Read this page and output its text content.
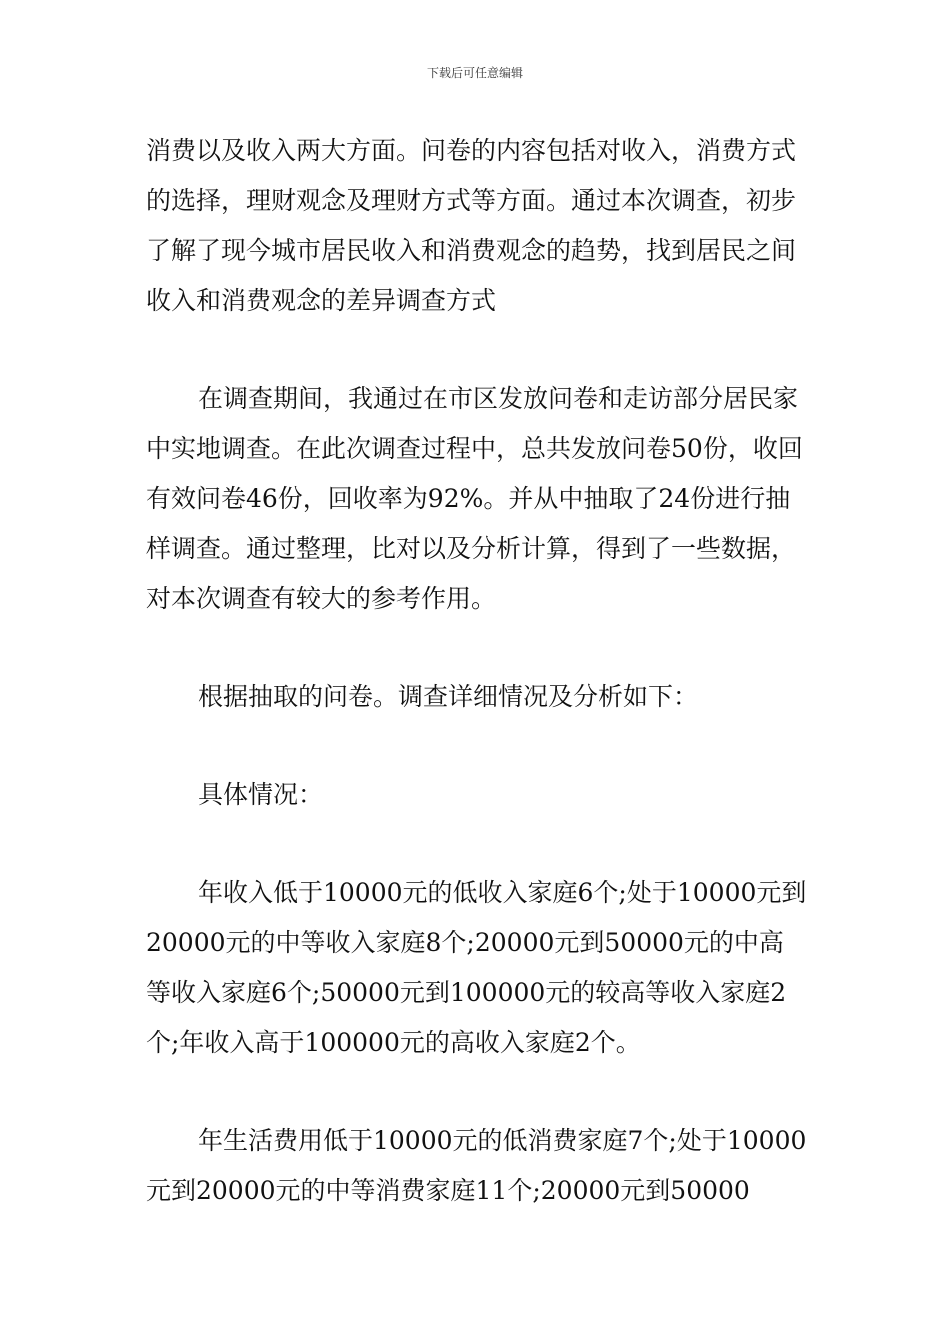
下载后可任意编辑

消费以及收入两大方面。问卷的内容包括对收入，消费方式的选择，理财观念及理财方式等方面。通过本次调查，初步了解了现今城市居民收入和消费观念的趋势，找到居民之间收入和消费观念的差异调查方式

在调查期间，我通过在市区发放问卷和走访部分居民家中实地调查。在此次调查过程中，总共发放问卷50份，收回有效问卷46份，回收率为92%。并从中抽取了24份进行抽样调查。通过整理，比对以及分析计算，得到了一些数据，对本次调查有较大的参考作用。

根据抽取的问卷。调查详细情况及分析如下：

具体情况：

年收入低于10000元的低收入家庭6个;处于10000元到20000元的中等收入家庭8个;20000元到50000元的中高等收入家庭6个;50000元到100000元的较高等收入家庭2个;年收入高于100000元的高收入家庭2个。

年生活费用低于10000元的低消费家庭7个;处于10000元到20000元的中等消费家庭11个;20000元到50000
